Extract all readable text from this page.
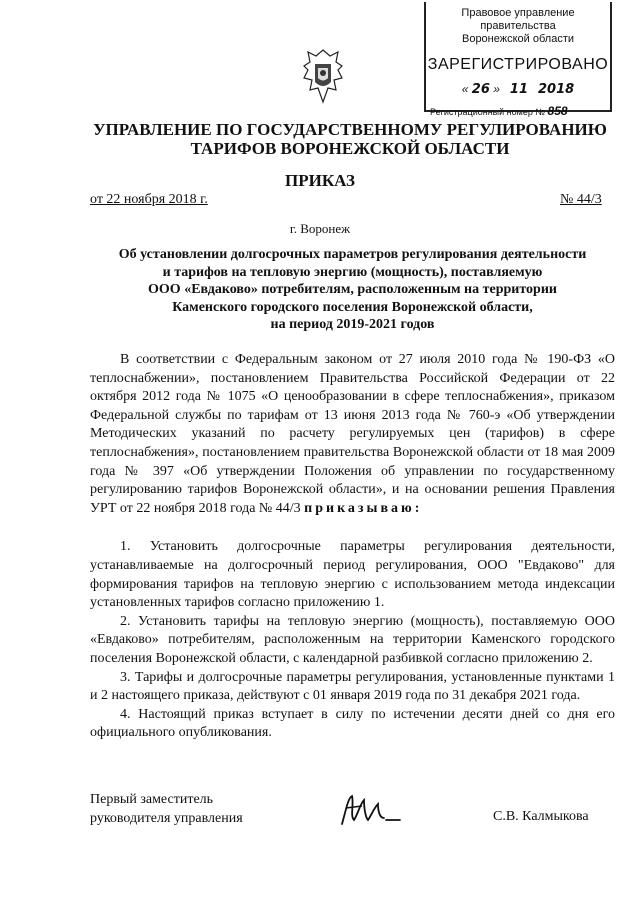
Правовое управление правительства
Воронежской области
ЗАРЕГИСТРИРОВАНО
« 26 »   11 2018
Регистрационный номер № 858
УПРАВЛЕНИЕ ПО ГОСУДАРСТВЕННОМУ РЕГУЛИРОВАНИЮ
ТАРИФОВ ВОРОНЕЖСКОЙ ОБЛАСТИ
ПРИКАЗ
от 22 ноября 2018 г.	№ 44/3
г. Воронеж
Об установлении долгосрочных параметров регулирования деятельности
и тарифов на тепловую энергию (мощность), поставляемую
ООО «Евдаково» потребителям, расположенным на территории
Каменского городского поселения Воронежской области,
на период 2019-2021 годов

В соответствии с Федеральным законом от 27 июля 2010 года № 190-ФЗ «О теплоснабжении», постановлением Правительства Российской Федерации от 22 октября 2012 года № 1075 «О ценообразовании в сфере теплоснабжения», приказом Федеральной службы по тарифам от 13 июня 2013 года № 760-э «Об утверждении Методических указаний по расчету регулируемых цен (тарифов) в сфере теплоснабжения», постановлением правительства Воронежской области от 18 мая 2009 года № 397 «Об утверждении Положения об управлении по государственному регулированию тарифов Воронежской области», и на основании решения Правления УРТ от 22 ноября 2018 года № 44/3 приказываю:

1. Установить долгосрочные параметры регулирования деятельности, устанавливаемые на долгосрочный период регулирования, ООО "Евдаково" для формирования тарифов на тепловую энергию с использованием метода индексации установленных тарифов согласно приложению 1.

2. Установить тарифы на тепловую энергию (мощность), поставляемую ООО «Евдаково» потребителям, расположенным на территории Каменского городского поселения Воронежской области, с календарной разбивкой согласно приложению 2.

3. Тарифы и долгосрочные параметры регулирования, установленные пунктами 1 и 2 настоящего приказа, действуют с 01 января 2019 года по 31 декабря 2021 года.

4. Настоящий приказ вступает в силу по истечении десяти дней со дня его официального опубликования.

Первый заместитель
руководителя управления	С.В. Калмыкова
